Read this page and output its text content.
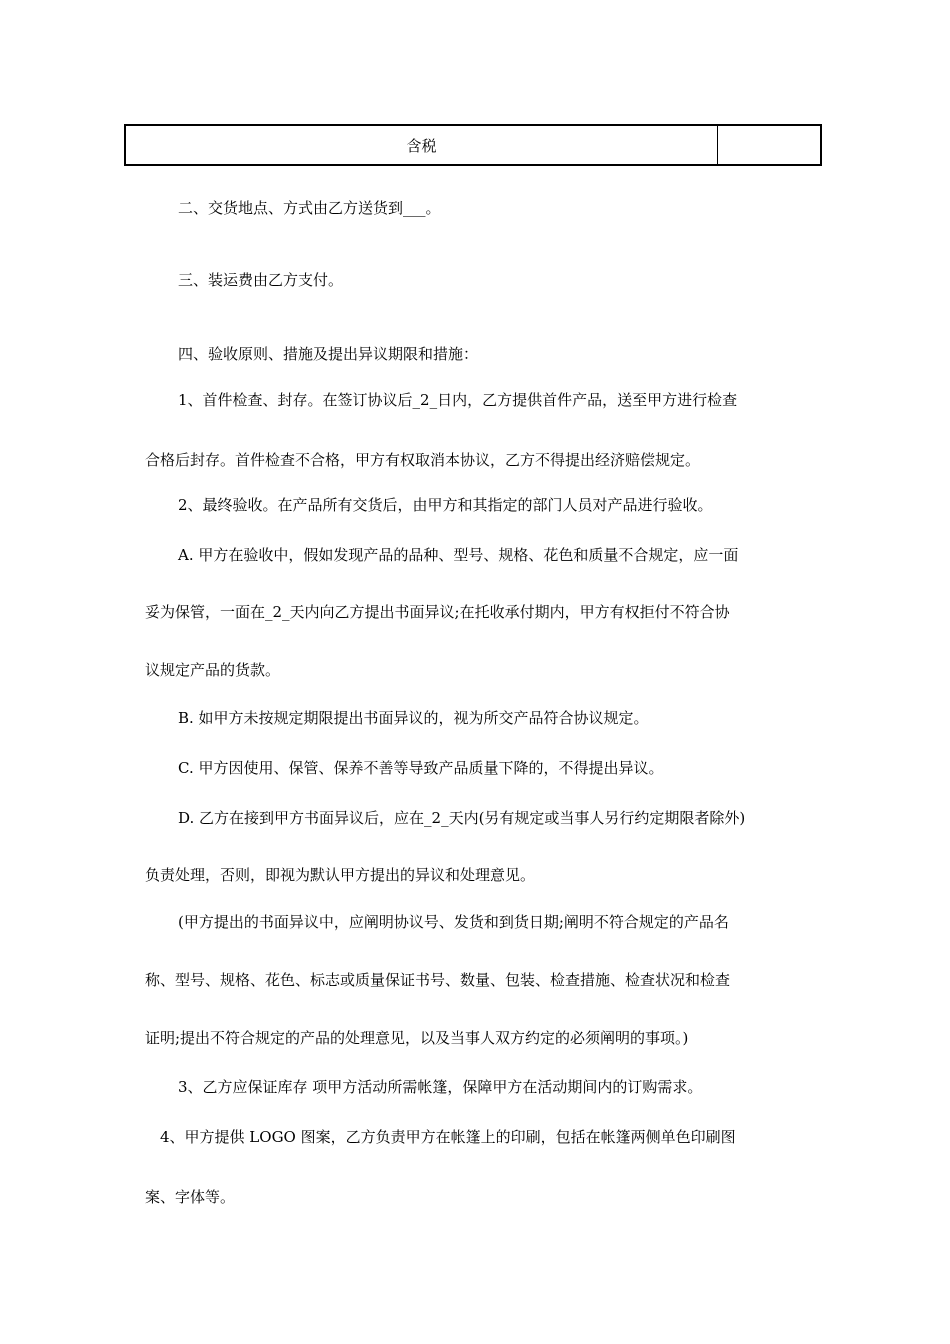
含税
二、交货地点、方式由乙方送货到___。
三、装运费由乙方支付。
四、验收原则、措施及提出异议期限和措施：
1、首件检查、封存。在签订协议后_2_日内，乙方提供首件产品，送至甲方进行检查
合格后封存。首件检查不合格，甲方有权取消本协议，乙方不得提出经济赔偿规定。
2、最终验收。在产品所有交货后，由甲方和其指定的部门人员对产品进行验收。
A. 甲方在验收中，假如发现产品的品种、型号、规格、花色和质量不合规定，应一面
妥为保管，一面在_2_天内向乙方提出书面异议;在托收承付期内，甲方有权拒付不符合协
议规定产品的货款。
B. 如甲方未按规定期限提出书面异议的，视为所交产品符合协议规定。
C. 甲方因使用、保管、保养不善等导致产品质量下降的，不得提出异议。
D. 乙方在接到甲方书面异议后，应在_2_天内(另有规定或当事人另行约定期限者除外)
负责处理，否则，即视为默认甲方提出的异议和处理意见。
(甲方提出的书面异议中，应阐明协议号、发货和到货日期;阐明不符合规定的产品名
称、型号、规格、花色、标志或质量保证书号、数量、包装、检查措施、检查状况和检查
证明;提出不符合规定的产品的处理意见，以及当事人双方约定的必须阐明的事项。)
3、乙方应保证库存 项甲方活动所需帐篷，保障甲方在活动期间内的订购需求。
4、甲方提供 LOGO 图案，乙方负责甲方在帐篷上的印刷，包括在帐篷两侧单色印刷图
案、字体等。
